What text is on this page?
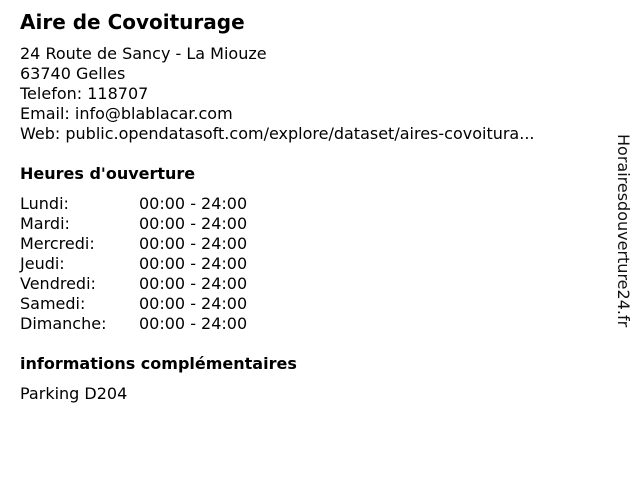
Aire de Covoiturage
24 Route de Sancy - La Miouze
63740 Gelles
Telefon: 118707
Email: info@blablacar.com
Web: public.opendatasoft.com/explore/dataset/aires-covoitura...
Heures d'ouverture
Lundi:	00:00 - 24:00
Mardi:	00:00 - 24:00
Mercredi:	00:00 - 24:00
Jeudi:	00:00 - 24:00
Vendredi:	00:00 - 24:00
Samedi:	00:00 - 24:00
Dimanche:	00:00 - 24:00
informations complémentaires
Parking D204
Horairesdouverture24.fr
